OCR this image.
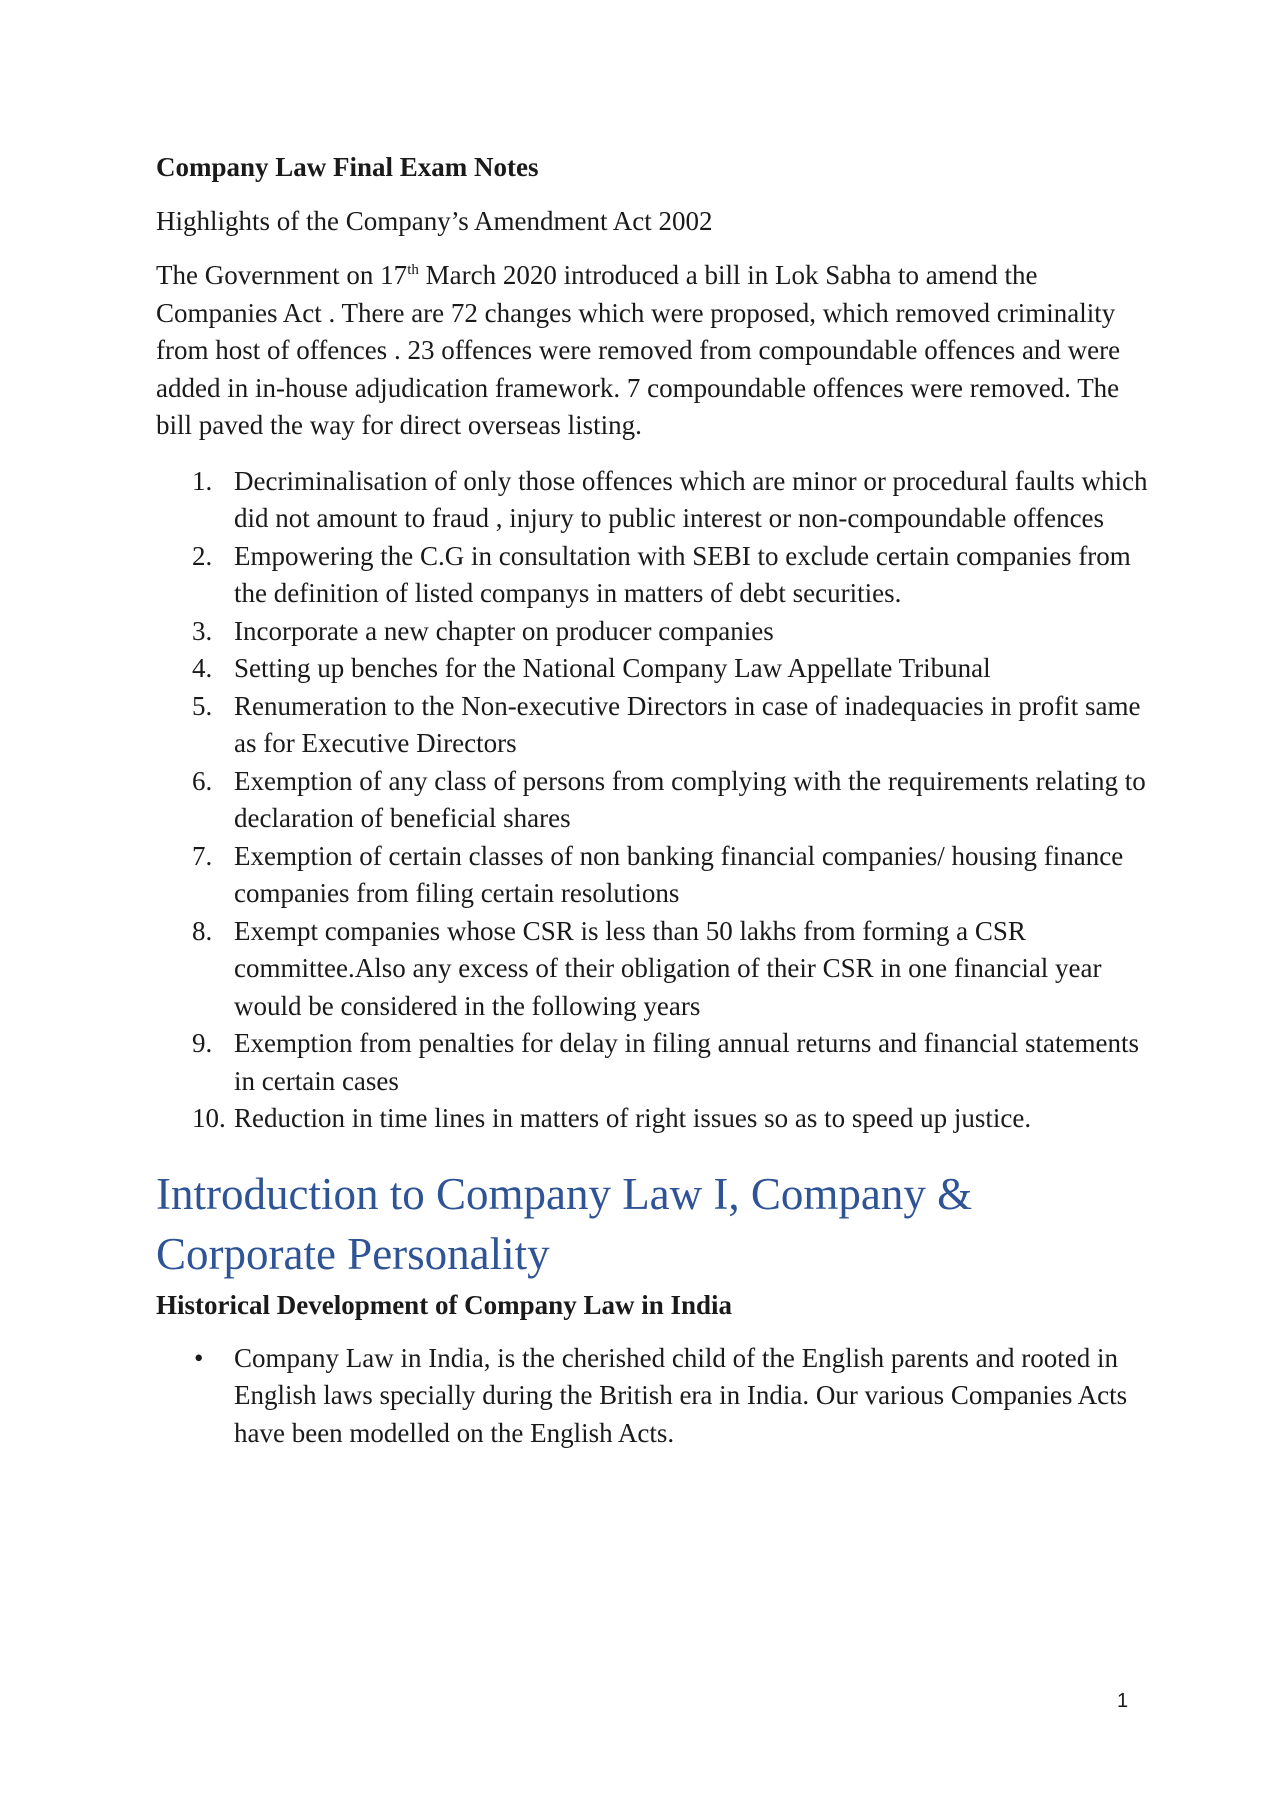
Company Law Final Exam Notes
Highlights of the Company’s Amendment Act 2002

The Government on 17th March 2020 introduced a bill in Lok Sabha to amend the Companies Act . There are 72 changes which were proposed, which removed criminality from host of offences . 23 offences were removed from compoundable offences and were added in in-house adjudication framework. 7 compoundable offences were removed. The bill paved the way for direct overseas listing.

1. Decriminalisation of only those offences which are minor or procedural faults which did not amount to fraud , injury to public interest or non-compoundable offences
2. Empowering the C.G in consultation with SEBI to exclude certain companies from the definition of listed companys in matters of debt securities.
3. Incorporate a new chapter on producer companies
4. Setting up benches for the National Company Law Appellate Tribunal
5. Renumeration to the Non-executive Directors in case of inadequacies in profit same as for Executive Directors
6. Exemption of any class of persons from complying with the requirements relating to declaration of beneficial shares
7. Exemption of certain classes of non banking financial companies/ housing finance companies from filing certain resolutions
8. Exempt companies whose CSR is less than 50 lakhs from forming a CSR committee.Also any excess of their obligation of their CSR in one financial year would be considered in the following years
9. Exemption from penalties for delay in filing annual returns and financial statements in certain cases
10. Reduction in time lines in matters of right issues so as to speed up justice.
Introduction to Company Law I, Company & Corporate Personality
Historical Development of Company Law in India
• Company Law in India, is the cherished child of the English parents and rooted in English laws specially during the British era in India. Our various Companies Acts have been modelled on the English Acts.
1
